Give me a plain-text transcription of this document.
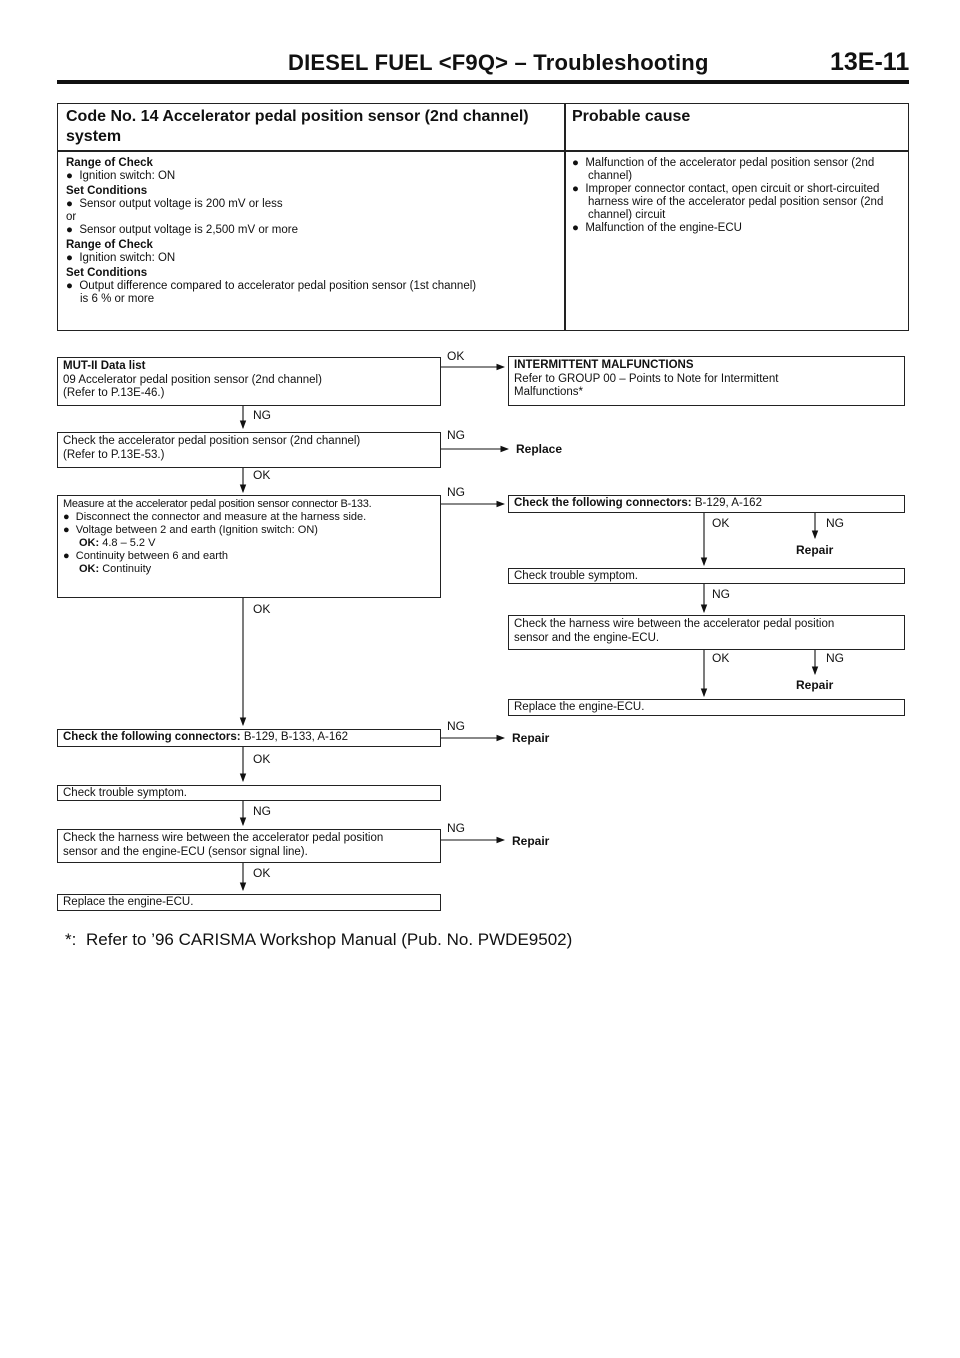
DIESEL FUEL <F9Q> – Troubleshooting	13E-11
Code No. 14 Accelerator pedal position sensor (2nd channel) system
Probable cause
Range of Check
● Ignition switch: ON
Set Conditions
● Sensor output voltage is 200 mV or less
or
● Sensor output voltage is 2,500 mV or more
Range of Check
● Ignition switch: ON
Set Conditions
● Output difference compared to accelerator pedal position sensor (1st channel)
is 6 % or more
● Malfunction of the accelerator pedal position sensor (2nd channel)
● Improper connector contact, open circuit or short-circuited harness wire of the accelerator pedal position sensor (2nd channel) circuit
● Malfunction of the engine-ECU
OK
NG
NG
Replace
OK
NG
OK
OK	NG
Repair
NG
OK	NG
Repair
NG
Repair
OK
NG
NG
Repair
OK
MUT-II Data list
09 Accelerator pedal position sensor (2nd channel)
(Refer to P.13E-46.)
Check the accelerator pedal position sensor (2nd channel)
(Refer to P.13E-53.)
Measure at the accelerator pedal position sensor connector B-133.
● Disconnect the connector and measure at the harness side.
● Voltage between 2 and earth (Ignition switch: ON)
OK: 4.8 – 5.2 V
● Continuity between 6 and earth
OK: Continuity
Check the following connectors: B-129, B-133, A-162
Check trouble symptom.
Check the harness wire between the accelerator pedal position
sensor and the engine-ECU (sensor signal line).
Replace the engine-ECU.
INTERMITTENT MALFUNCTIONS
Refer to GROUP 00 – Points to Note for Intermittent
Malfunctions*
Check the following connectors: B-129, A-162
Check trouble symptom.
Check the harness wire between the accelerator pedal position
sensor and the engine-ECU.
Replace the engine-ECU.
*: Refer to ’96 CARISMA Workshop Manual (Pub. No. PWDE9502)
